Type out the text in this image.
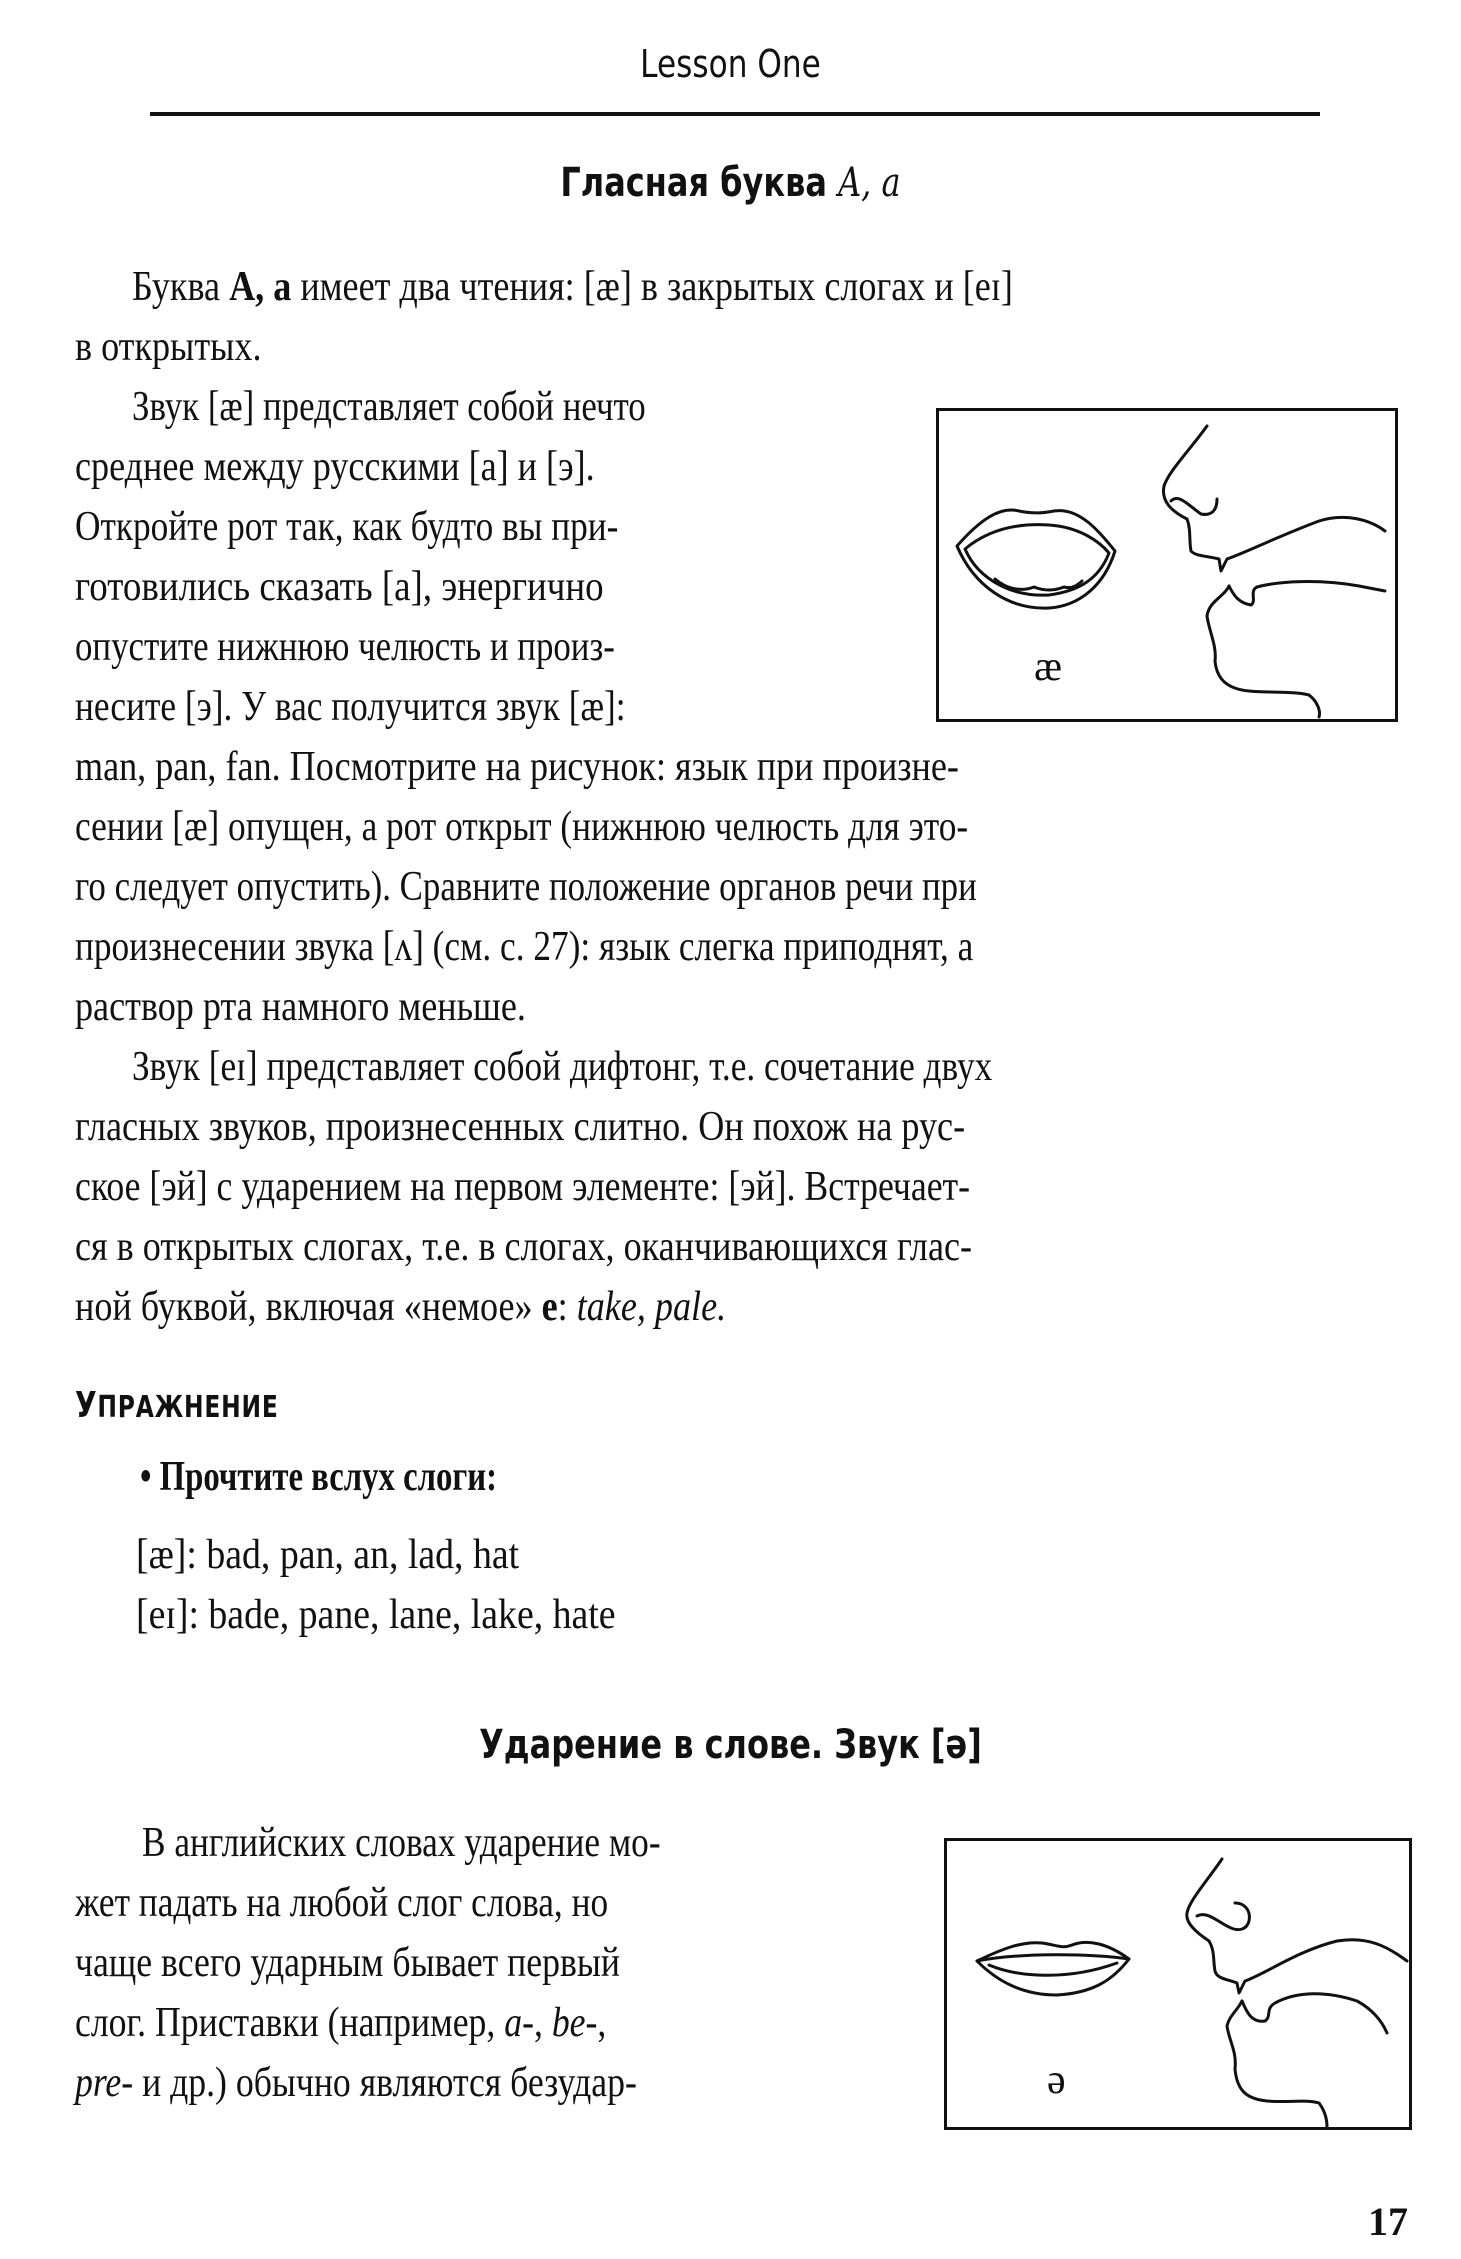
Lesson One
Гласная буква A, a
Буква A, a имеет два чтения: [æ] в закрытых слогах и [eɪ]
в открытых.
Звук [æ] представляет собой нечто
среднее между русскими [а] и [э].
Откройте рот так, как будто вы при-
готовились сказать [а], энергично
опустите нижнюю челюсть и произ-
несите [э]. У вас получится звук [æ]:
man, pan, fan. Посмотрите на рисунок: язык при произне-
сении [æ] опущен, а рот открыт (нижнюю челюсть для это-
го следует опустить). Сравните положение органов речи при
произнесении звука [ʌ] (см. с. 27): язык слегка приподнят, а
раствор рта намного меньше.
Звук [eɪ] представляет собой дифтонг, т.е. сочетание двух
гласных звуков, произнесенных слитно. Он похож на рус-
ское [эй] с ударением на первом элементе: [эй]. Встречает-
ся в открытых слогах, т.е. в слогах, оканчивающихся глас-
ной буквой, включая «немое» e: take, pale.
æ
УПРАЖНЕНИЕ
• Прочтите вслух слоги:
[æ]: bad, pan, an, lad, hat
[eɪ]: bade, pane, lane, lake, hate
Ударение в слове. Звук [ə]
В английских словах ударение мо-
жет падать на любой слог слова, но
чаще всего ударным бывает первый
слог. Приставки (например, a-, be-,
pre- и др.) обычно являются безудар-	ə
17
